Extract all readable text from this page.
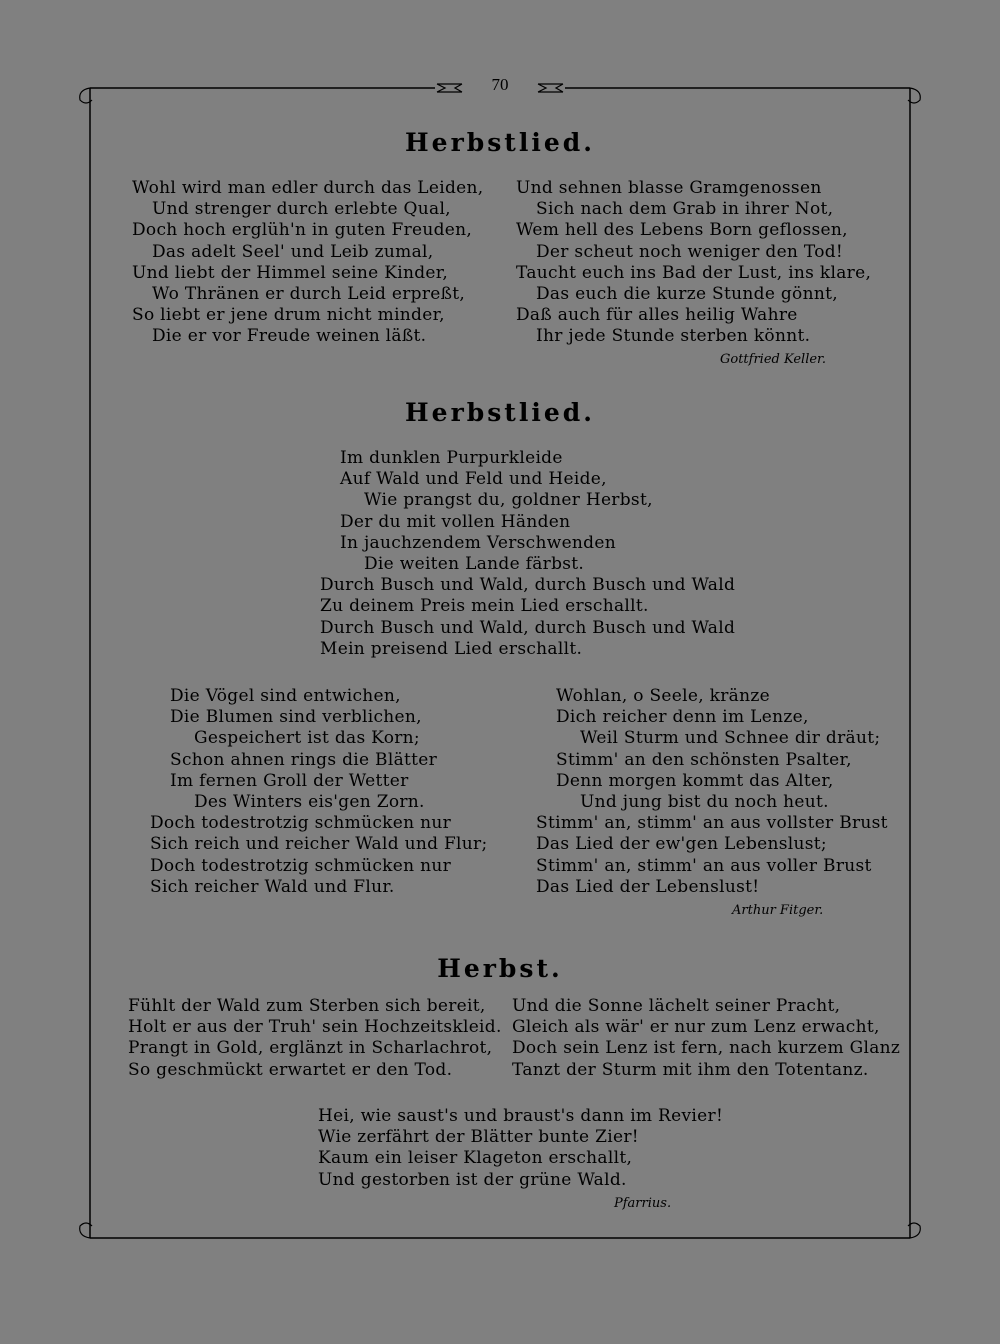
70
Herbstlied.
Wohl wird man edler durch das Leiden,
Und strenger durch erlebte Qual,
Doch hoch erglüh'n in guten Freuden,
Das adelt Seel' und Leib zumal,
Und liebt der Himmel seine Kinder,
Wo Thränen er durch Leid erpreßt,
So liebt er jene drum nicht minder,
Die er vor Freude weinen läßt.
Und sehnen blasse Gramgenossen
Sich nach dem Grab in ihrer Not,
Wem hell des Lebens Born geflossen,
Der scheut noch weniger den Tod!
Taucht euch ins Bad der Lust, ins klare,
Das euch die kurze Stunde gönnt,
Daß auch für alles heilig Wahre
Ihr jede Stunde sterben könnt.
Gottfried Keller.
Herbstlied.
Im dunklen Purpurkleide
Auf Wald und Feld und Heide,
Wie prangst du, goldner Herbst,
Der du mit vollen Händen
In jauchzendem Verschwenden
Die weiten Lande färbst.
Durch Busch und Wald, durch Busch und Wald
Zu deinem Preis mein Lied erschallt.
Durch Busch und Wald, durch Busch und Wald
Mein preisend Lied erschallt.
Die Vögel sind entwichen,
Die Blumen sind verblichen,
Gespeichert ist das Korn;
Schon ahnen rings die Blätter
Im fernen Groll der Wetter
Des Winters eis'gen Zorn.
Doch todestrotzig schmücken nur
Sich reich und reicher Wald und Flur;
Doch todestrotzig schmücken nur
Sich reicher Wald und Flur.
Wohlan, o Seele, kränze
Dich reicher denn im Lenze,
Weil Sturm und Schnee dir dräut;
Stimm' an den schönsten Psalter,
Denn morgen kommt das Alter,
Und jung bist du noch heut.
Stimm' an, stimm' an aus vollster Brust
Das Lied der ew'gen Lebenslust;
Stimm' an, stimm' an aus voller Brust
Das Lied der Lebenslust!
Arthur Fitger.
Herbst.
Fühlt der Wald zum Sterben sich bereit,
Holt er aus der Truh' sein Hochzeitskleid.
Prangt in Gold, erglänzt in Scharlachrot,
So geschmückt erwartet er den Tod.
Und die Sonne lächelt seiner Pracht,
Gleich als wär' er nur zum Lenz erwacht,
Doch sein Lenz ist fern, nach kurzem Glanz
Tanzt der Sturm mit ihm den Totentanz.
Hei, wie saust's und braust's dann im Revier!
Wie zerfährt der Blätter bunte Zier!
Kaum ein leiser Klageton erschallt,
Und gestorben ist der grüne Wald.
Pfarrius.
